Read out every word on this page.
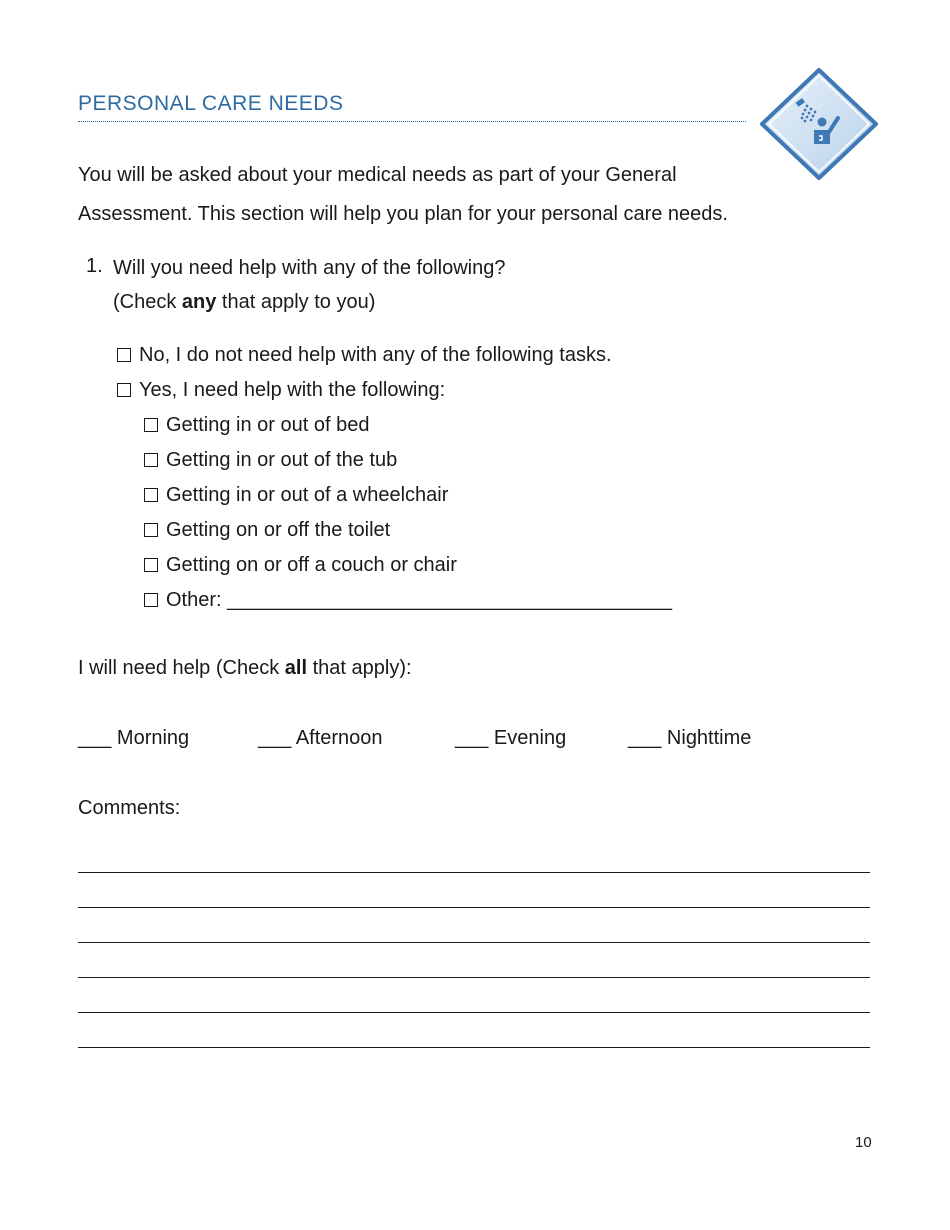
PERSONAL CARE NEEDS

You will be asked about your medical needs as part of your General

Assessment. This section will help you plan for your personal care needs.

1. Will you need help with any of the following?
(Check any that apply to you)
No, I do not need help with any of the following tasks.
Yes, I need help with the following:
Getting in or out of bed
Getting in or out of the tub
Getting in or out of a wheelchair
Getting on or off the toilet
Getting on or off a couch or chair
Other: ________________________________________
I will need help (Check all that apply):
___ Morning	___ Afternoon	___ Evening	___ Nighttime
Comments:
10
